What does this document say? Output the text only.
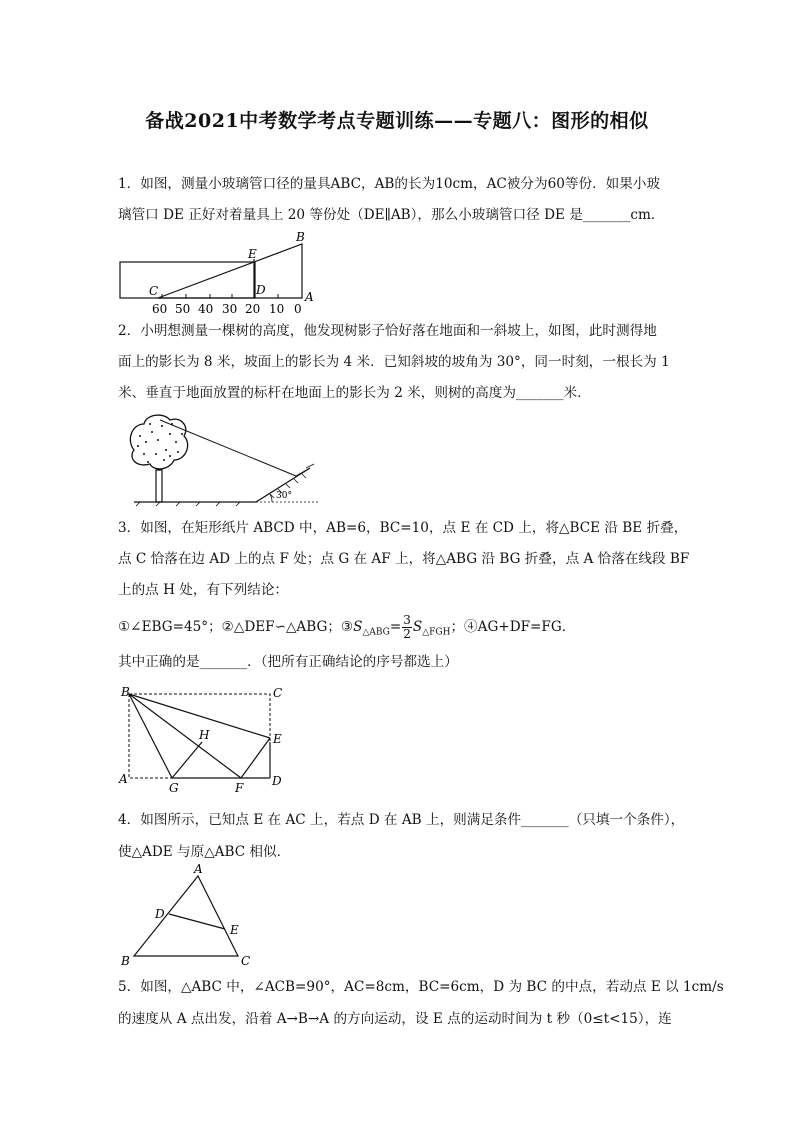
备战2021中考数学考点专题训练——专题八：图形的相似
1．如图，测量小玻璃管口径的量具ABC，AB的长为10cm，AC被分为60等份．如果小玻
璃管口 DE 正好对着量具上 20 等份处（DE∥AB），那么小玻璃管口径 DE 是_______cm．
B
E
C	D	A
60 50 40 30 20 10 0
2．小明想测量一棵树的高度，他发现树影子恰好落在地面和一斜坡上，如图，此时测得地
面上的影长为 8 米，坡面上的影长为 4 米．已知斜坡的坡角为 30°，同一时刻，一根长为 1
米、垂直于地面放置的标杆在地面上的影长为 2 米，则树的高度为_______米．
30°
3．如图，在矩形纸片 ABCD 中，AB=6，BC=10，点 E 在 CD 上，将△BCE 沿 BE 折叠，
点 C 恰落在边 AD 上的点 F 处；点 G 在 AF 上，将△ABG 沿 BG 折叠，点 A 恰落在线段 BF
上的点 H 处，有下列结论：
①∠EBG=45°；②△DEF∽△ABG；$③S_{\triangle ABG}= \frac{3}{2} S_{\triangle FGH}$；④AG+DF=FG．
其中正确的是_______．（把所有正确结论的序号都选上）
B	C
H	E
A
G	F D
4．如图所示，已知点 E 在 AC 上，若点 D 在 AB 上，则满足条件_______（只填一个条件），
使△ADE 与原△ABC 相似．
A
D
E
B	C
5．如图，△ABC 中，∠ACB=90°，AC=8cm，BC=6cm，D 为 BC 的中点，若动点 E 以 1cm/s
的速度从 A 点出发，沿着 A→B→A 的方向运动，设 E 点的运动时间为 t 秒（0≤t<15），连
